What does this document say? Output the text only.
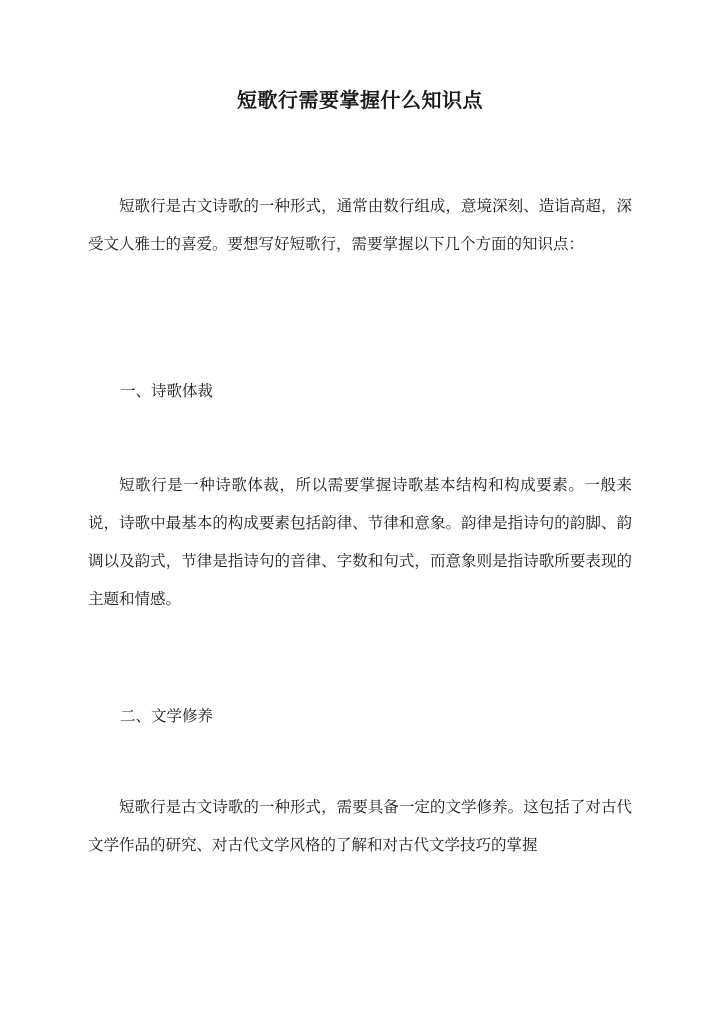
短歌行需要掌握什么知识点

短歌行是古文诗歌的一种形式，通常由数行组成，意境深刻、造诣高超，深受文人雅士的喜爱。要想写好短歌行，需要掌握以下几个方面的知识点：

一、诗歌体裁

短歌行是一种诗歌体裁，所以需要掌握诗歌基本结构和构成要素。一般来说，诗歌中最基本的构成要素包括韵律、节律和意象。韵律是指诗句的韵脚、韵调以及韵式，节律是指诗句的音律、字数和句式，而意象则是指诗歌所要表现的主题和情感。

二、文学修养

短歌行是古文诗歌的一种形式，需要具备一定的文学修养。这包括了对古代文学作品的研究、对古代文学风格的了解和对古代文学技巧的掌握
